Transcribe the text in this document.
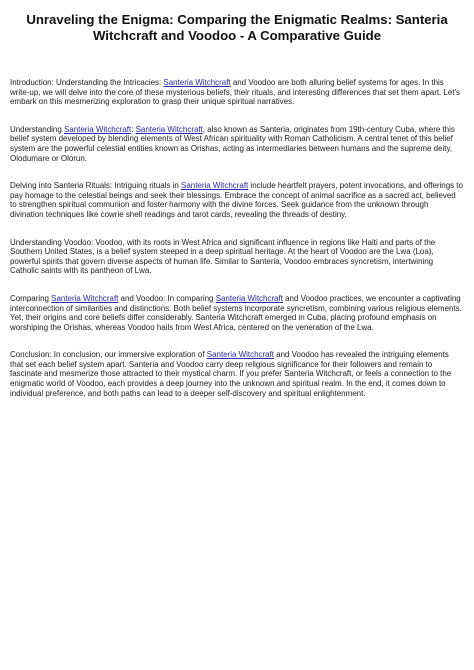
Unraveling the Enigma: Comparing the Enigmatic Realms: Santeria Witchcraft and Voodoo - A Comparative Guide

Introduction: Understanding the Intricacies: Santeria Witchcraft and Voodoo are both alluring belief systems for ages. In this write-up, we will delve into the core of these mysterious beliefs, their rituals, and interesting differences that set them apart. Let's embark on this mesmerizing exploration to grasp their unique spiritual narratives.

Understanding Santeria Witchcraft: Santeria Witchcraft, also known as Santeria, originates from 19th-century Cuba, where this belief system developed by blending elements of West African spirituality with Roman Catholicism. A central tenet of this belief system are the powerful celestial entities known as Orishas, acting as intermediaries between humans and the supreme deity, Olodumare or Olorun.

Delving into Santeria Rituals: Intriguing rituals in Santeria Witchcraft include heartfelt prayers, potent invocations, and offerings to pay homage to the celestial beings and seek their blessings. Embrace the concept of animal sacrifice as a sacred act, believed to strengthen spiritual communion and foster harmony with the divine forces. Seek guidance from the unknown through divination techniques like cowrie shell readings and tarot cards, revealing the threads of destiny.

Understanding Voodoo: Voodoo, with its roots in West Africa and significant influence in regions like Haiti and parts of the Southern United States, is a belief system steeped in a deep spiritual heritage. At the heart of Voodoo are the Lwa (Loa), powerful spirits that govern diverse aspects of human life. Similar to Santeria, Voodoo embraces syncretism, intertwining Catholic saints with its pantheon of Lwa.

Comparing Santeria Witchcraft and Voodoo: In comparing Santeria Witchcraft and Voodoo practices, we encounter a captivating interconnection of similarities and distinctions. Both belief systems incorporate syncretism, combining various religious elements. Yet, their origins and core beliefs differ considerably. Santeria Witchcraft emerged in Cuba, placing profound emphasis on worshiping the Orishas, whereas Voodoo hails from West Africa, centered on the veneration of the Lwa.

Conclusion: In conclusion, our immersive exploration of Santeria Witchcraft and Voodoo has revealed the intriguing elements that set each belief system apart. Santeria and Voodoo carry deep religious significance for their followers and remain to fascinate and mesmerize those attracted to their mystical charm. If you prefer Santeria Witchcraft, or feels a connection to the enigmatic world of Voodoo, each provides a deep journey into the unknown and spiritual realm. In the end, it comes down to individual preference, and both paths can lead to a deeper self-discovery and spiritual enlightenment.
